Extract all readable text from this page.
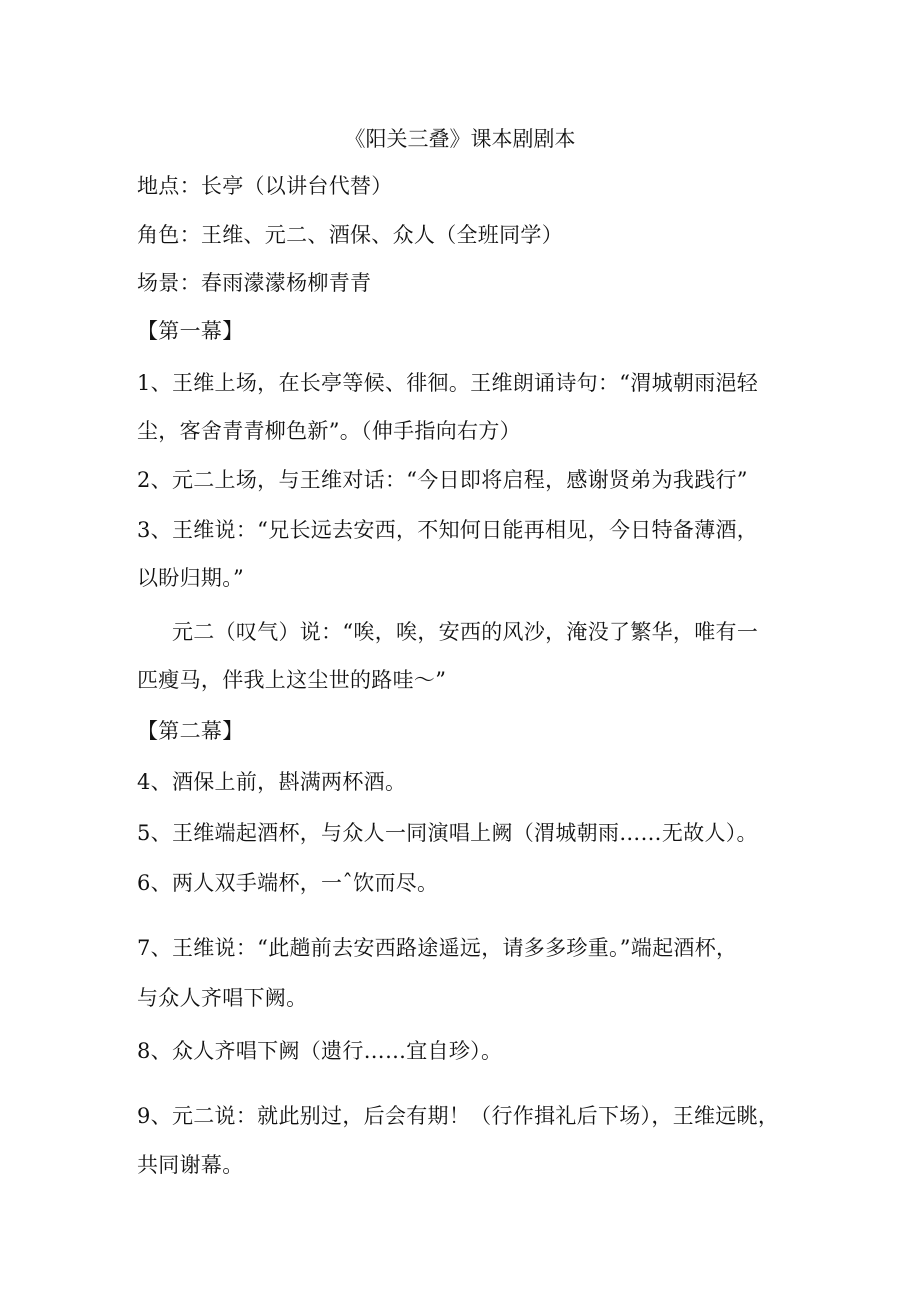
《阳关三叠》课本剧剧本
地点：长亭（以讲台代替）
角色：王维、元二、酒保、众人（全班同学）
场景：春雨濛濛杨柳青青
【第一幕】
1、王维上场，在长亭等候、徘徊。王维朗诵诗句：“渭城朝雨浥轻
尘，客舍青青柳色新”。（伸手指向右方）
2、元二上场，与王维对话：“今日即将启程，感谢贤弟为我践行”
3、王维说：“兄长远去安西，不知何日能再相见，今日特备薄酒，
以盼归期。”
元二（叹气）说：“唉，唉，安西的风沙，淹没了繁华，唯有一
匹瘦马，伴我上这尘世的路哇～”
【第二幕】
4、酒保上前，斟满两杯酒。
5、王维端起酒杯，与众人一同演唱上阙（渭城朝雨……无故人）。
6、两人双手端杯，一ˆ饮而尽。
7、王维说：“此趟前去安西路途遥远，请多多珍重。”端起酒杯，
与众人齐唱下阙。
8、众人齐唱下阙（遗行……宜自珍）。
9、元二说：就此别过，后会有期！（行作揖礼后下场），王维远眺，
共同谢幕。
